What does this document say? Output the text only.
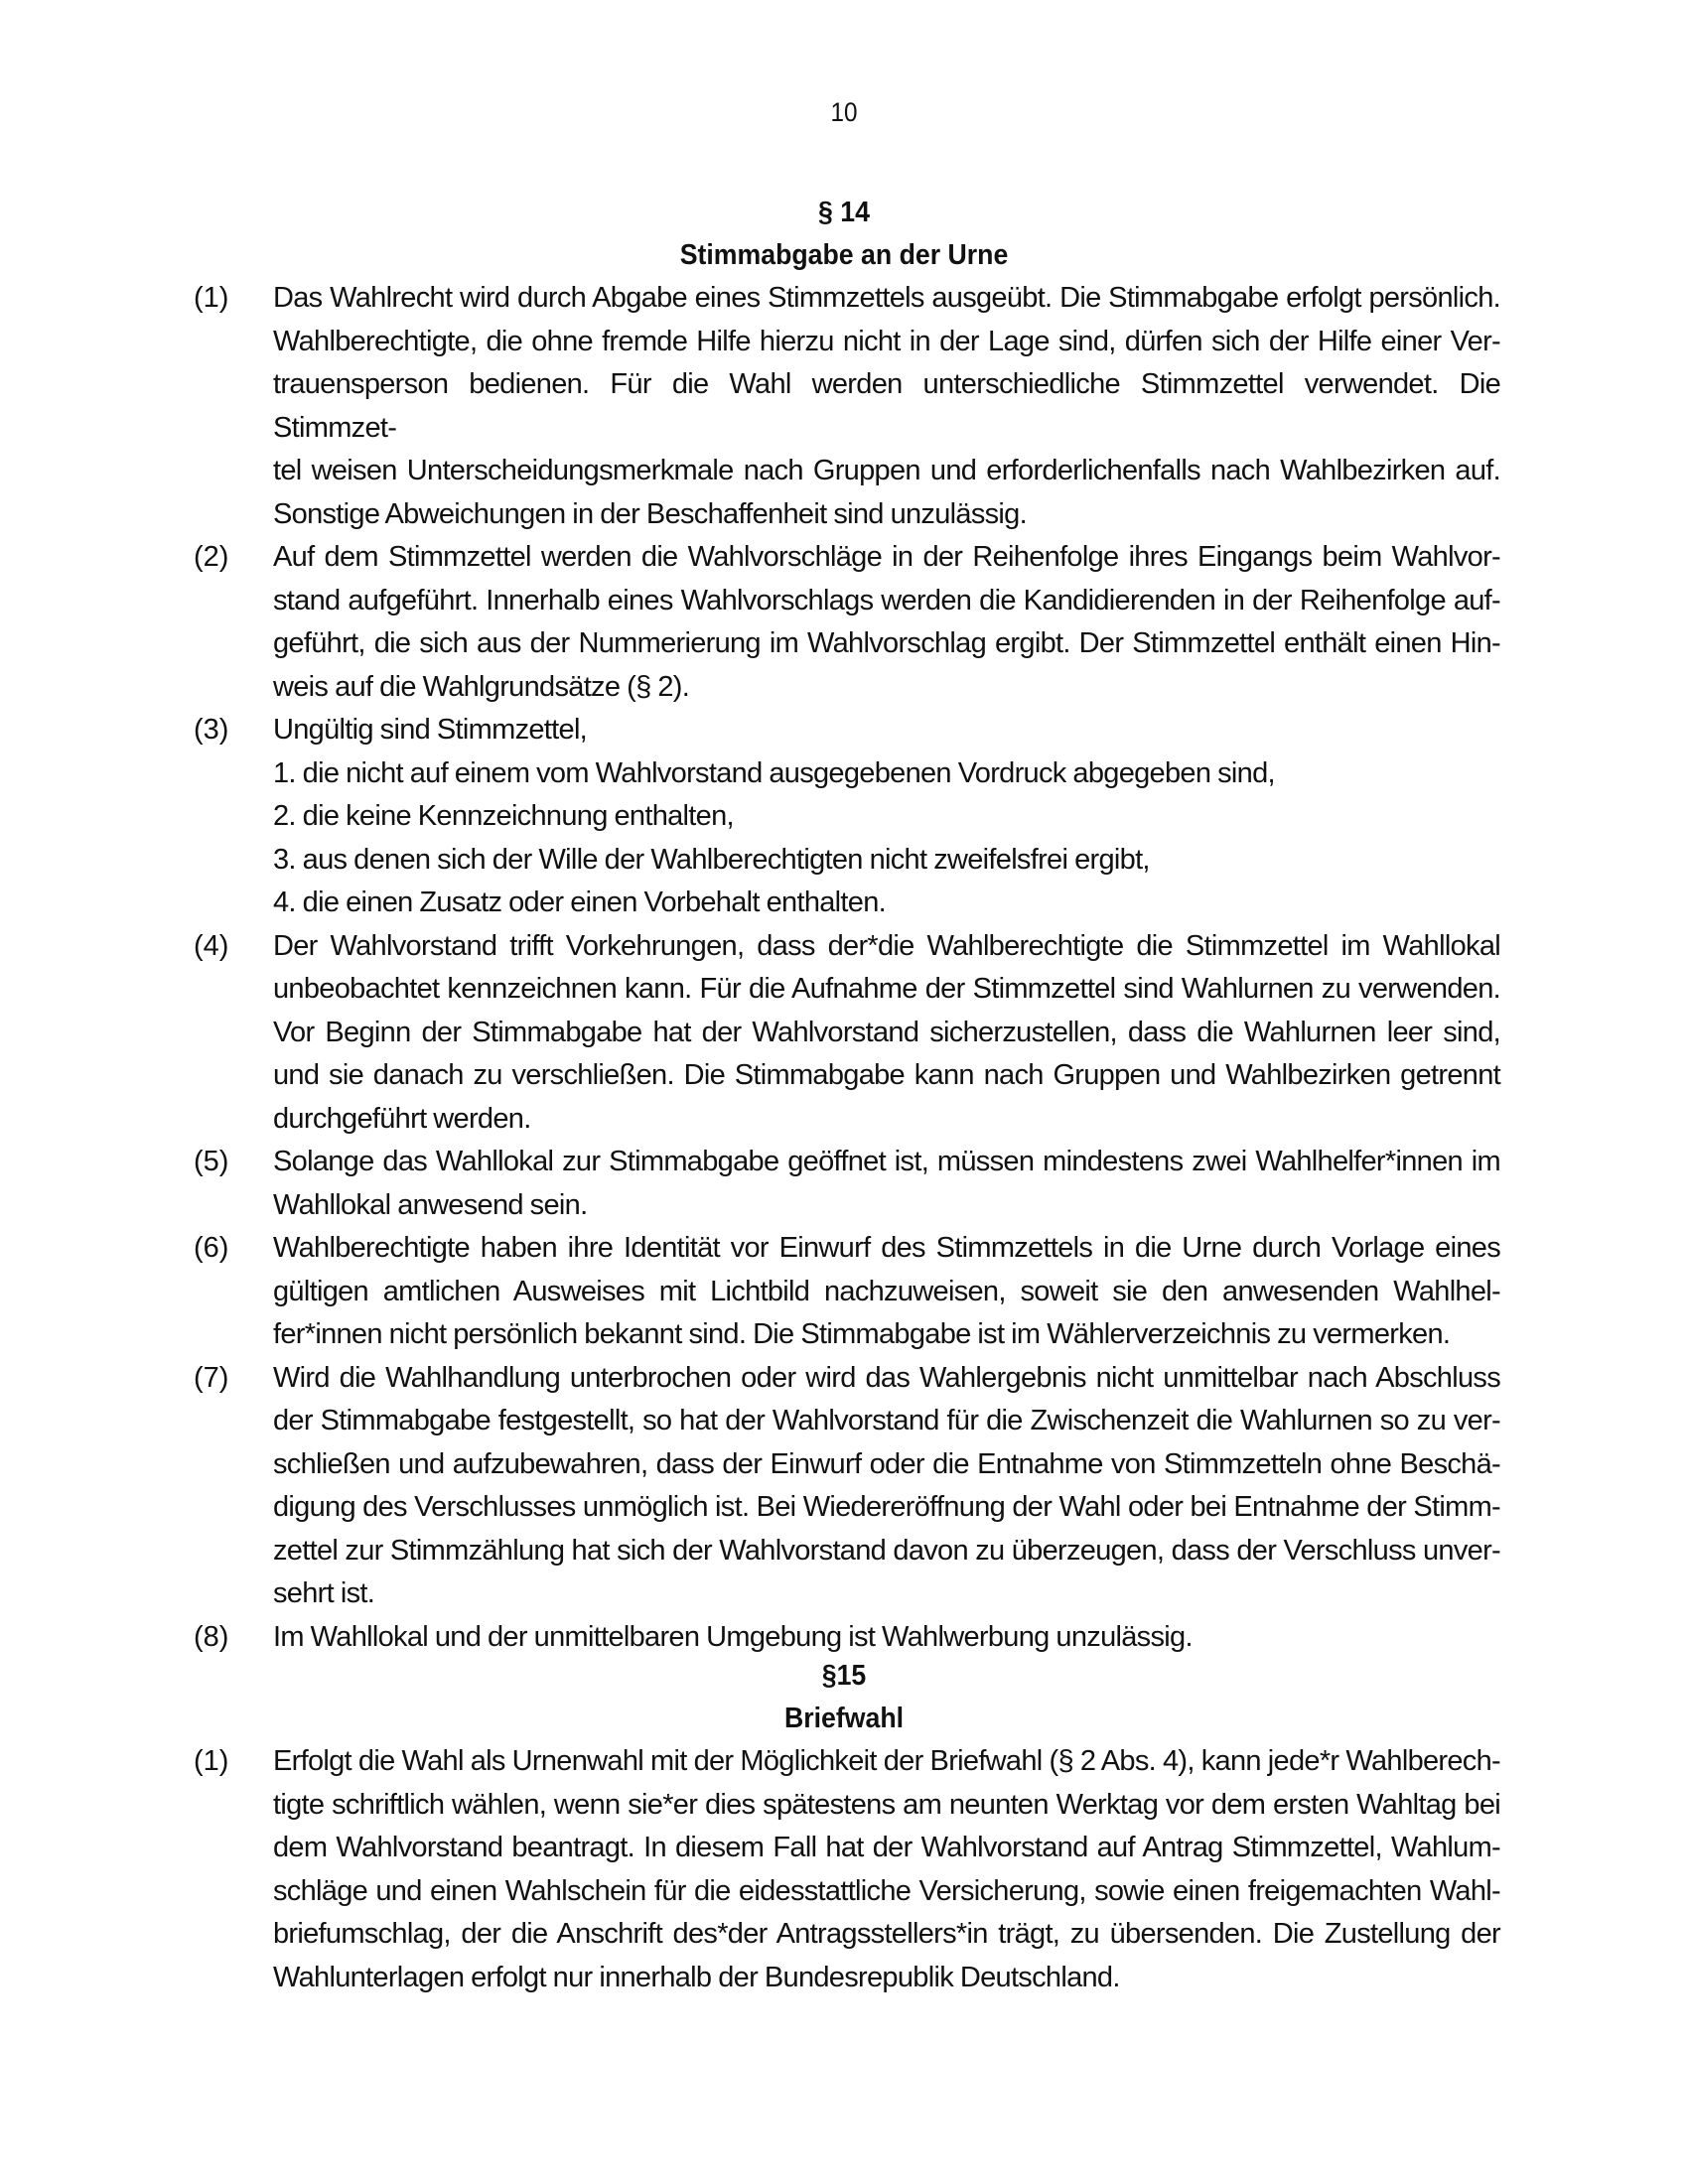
10
§ 14
Stimmabgabe an der Urne
(1) Das Wahlrecht wird durch Abgabe eines Stimmzettels ausgeübt. Die Stimmabgabe erfolgt persönlich.
Wahlberechtigte, die ohne fremde Hilfe hierzu nicht in der Lage sind, dürfen sich der Hilfe einer Ver-
trauensperson bedienen. Für die Wahl werden unterschiedliche Stimmzettel verwendet. Die Stimmzet-
tel weisen Unterscheidungsmerkmale nach Gruppen und erforderlichenfalls nach Wahlbezirken auf.
Sonstige Abweichungen in der Beschaffenheit sind unzulässig.
(2) Auf dem Stimmzettel werden die Wahlvorschläge in der Reihenfolge ihres Eingangs beim Wahlvor-
stand aufgeführt. Innerhalb eines Wahlvorschlags werden die Kandidierenden in der Reihenfolge auf-
geführt, die sich aus der Nummerierung im Wahlvorschlag ergibt. Der Stimmzettel enthält einen Hin-
weis auf die Wahlgrundsätze (§ 2).
(3) Ungültig sind Stimmzettel,
1. die nicht auf einem vom Wahlvorstand ausgegebenen Vordruck abgegeben sind,
2. die keine Kennzeichnung enthalten,
3. aus denen sich der Wille der Wahlberechtigten nicht zweifelsfrei ergibt,
4. die einen Zusatz oder einen Vorbehalt enthalten.
(4) Der Wahlvorstand trifft Vorkehrungen, dass der*die Wahlberechtigte die Stimmzettel im Wahllokal
unbeobachtet kennzeichnen kann. Für die Aufnahme der Stimmzettel sind Wahlurnen zu verwenden.
Vor Beginn der Stimmabgabe hat der Wahlvorstand sicherzustellen, dass die Wahlurnen leer sind,
und sie danach zu verschließen. Die Stimmabgabe kann nach Gruppen und Wahlbezirken getrennt
durchgeführt werden.
(5) Solange das Wahllokal zur Stimmabgabe geöffnet ist, müssen mindestens zwei Wahlhelfer*innen im
Wahllokal anwesend sein.
(6) Wahlberechtigte haben ihre Identität vor Einwurf des Stimmzettels in die Urne durch Vorlage eines
gültigen amtlichen Ausweises mit Lichtbild nachzuweisen, soweit sie den anwesenden Wahlhel-
fer*innen nicht persönlich bekannt sind. Die Stimmabgabe ist im Wählerverzeichnis zu vermerken.
(7) Wird die Wahlhandlung unterbrochen oder wird das Wahlergebnis nicht unmittelbar nach Abschluss
der Stimmabgabe festgestellt, so hat der Wahlvorstand für die Zwischenzeit die Wahlurnen so zu ver-
schließen und aufzubewahren, dass der Einwurf oder die Entnahme von Stimmzetteln ohne Beschä-
digung des Verschlusses unmöglich ist. Bei Wiedereröffnung der Wahl oder bei Entnahme der Stimm-
zettel zur Stimmzählung hat sich der Wahlvorstand davon zu überzeugen, dass der Verschluss unver-
sehrt ist.
(8) Im Wahllokal und der unmittelbaren Umgebung ist Wahlwerbung unzulässig.
§15
Briefwahl
(1) Erfolgt die Wahl als Urnenwahl mit der Möglichkeit der Briefwahl (§ 2 Abs. 4), kann jede*r Wahlberech-
tigte schriftlich wählen, wenn sie*er dies spätestens am neunten Werktag vor dem ersten Wahltag bei
dem Wahlvorstand beantragt. In diesem Fall hat der Wahlvorstand auf Antrag Stimmzettel, Wahlum-
schläge und einen Wahlschein für die eidesstattliche Versicherung, sowie einen freigemachten Wahl-
briefumschlag, der die Anschrift des*der Antragsstellers*in trägt, zu übersenden. Die Zustellung der
Wahlunterlagen erfolgt nur innerhalb der Bundesrepublik Deutschland.
